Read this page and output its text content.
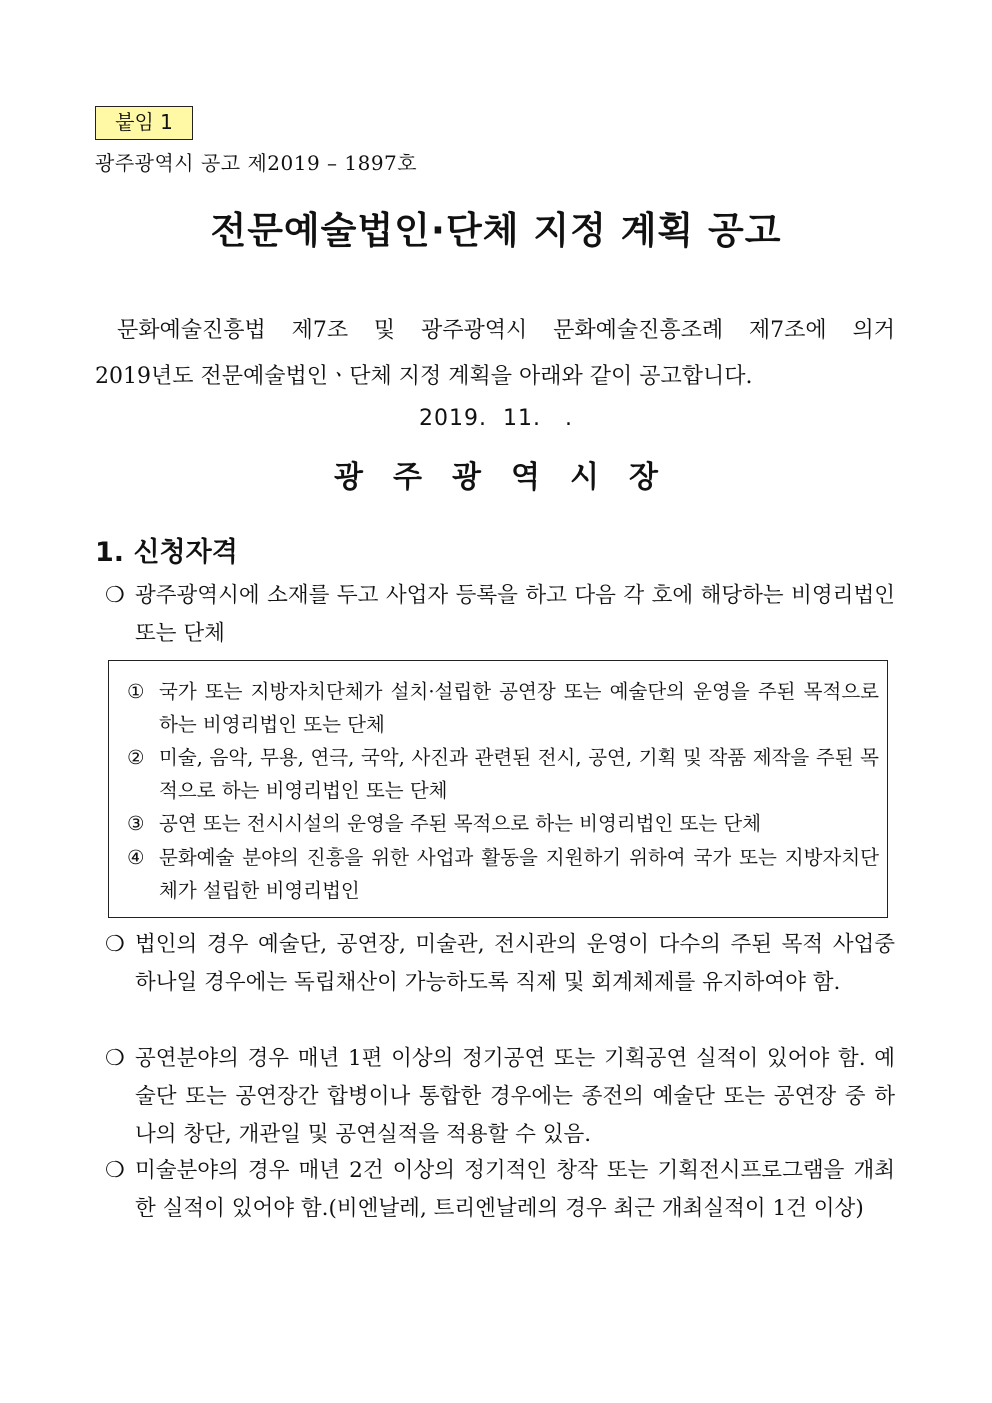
붙임 1
광주광역시 공고 제2019 – 1897호
전문예술법인·단체 지정 계획 공고
문화예술진흥법 제7조 및 광주광역시 문화예술진흥조례 제7조에 의거
2019년도 전문예술법인ㆍ단체 지정 계획을 아래와 같이 공고합니다.
2019.  11.   .
광주광역시장
1. 신청자격
❍ 광주광역시에 소재를 두고 사업자 등록을 하고 다음 각 호에 해당하는 비영리법인 또는 단체
① 국가 또는 지방자치단체가 설치·설립한 공연장 또는 예술단의 운영을 주된 목적으로 하는 비영리법인 또는 단체
② 미술, 음악, 무용, 연극, 국악, 사진과 관련된 전시, 공연, 기획 및 작품 제작을 주된 목적으로 하는 비영리법인 또는 단체
③ 공연 또는 전시시설의 운영을 주된 목적으로 하는 비영리법인 또는 단체
④ 문화예술 분야의 진흥을 위한 사업과 활동을 지원하기 위하여 국가 또는 지방자치단체가 설립한 비영리법인
❍ 법인의 경우 예술단, 공연장, 미술관, 전시관의 운영이 다수의 주된 목적 사업중 하나일 경우에는 독립채산이 가능하도록 직제 및 회계체제를 유지하여야 함.
❍ 공연분야의 경우 매년 1편 이상의 정기공연 또는 기획공연 실적이 있어야 함. 예술단 또는 공연장간 합병이나 통합한 경우에는 종전의 예술단 또는 공연장 중 하나의 창단, 개관일 및 공연실적을 적용할 수 있음.
❍ 미술분야의 경우 매년 2건 이상의 정기적인 창작 또는 기획전시프로그램을 개최한 실적이 있어야 함.(비엔날레, 트리엔날레의 경우 최근 개최실적이 1건 이상)
